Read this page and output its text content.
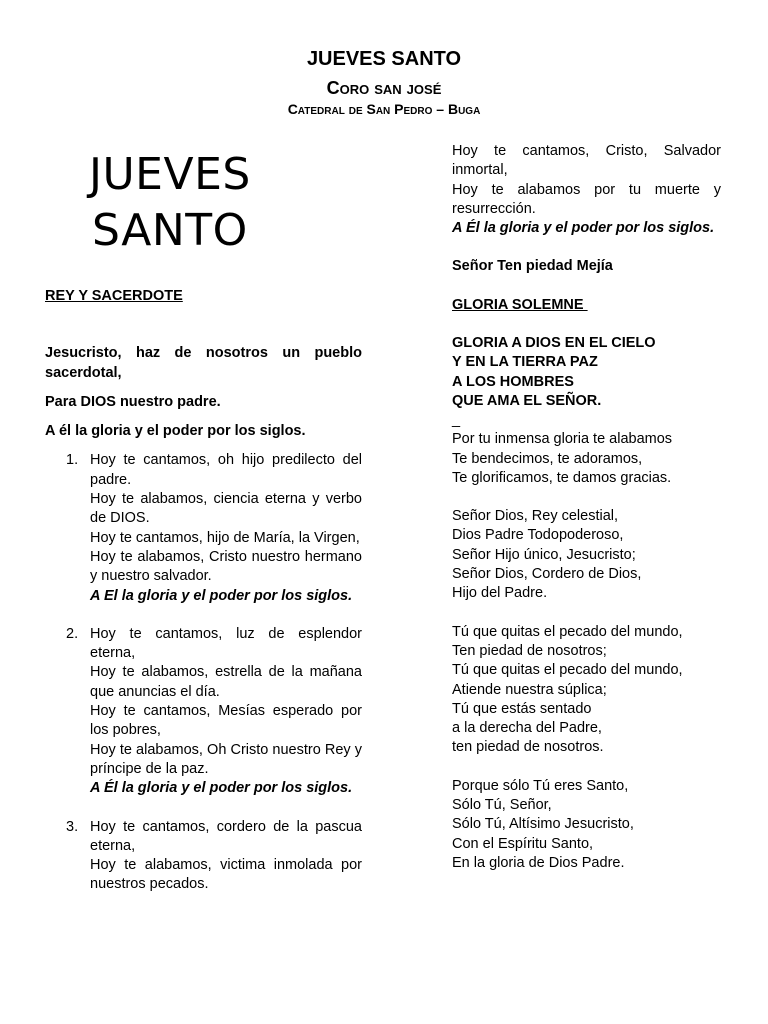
JUEVES SANTO
Coro san josé
Catedral de San Pedro – Buga
JUEVES
SANTO

REY Y SACERDOTE

Jesucristo, haz de nosotros un pueblo sacerdotal,

Para DIOS nuestro padre.

A él la gloria y el poder por los siglos.

1. Hoy te cantamos, oh hijo predilecto del padre.

Hoy te alabamos, ciencia eterna y verbo de DIOS.

Hoy te cantamos, hijo de María, la Virgen,

Hoy te alabamos, Cristo nuestro hermano y nuestro salvador.

A El la gloria y el poder por los siglos.

2. Hoy te cantamos, luz de esplendor eterna,

Hoy te alabamos, estrella de la mañana que anuncias el día.

Hoy te cantamos, Mesías esperado por los pobres,

Hoy te alabamos, Oh Cristo nuestro Rey y príncipe de la paz.

A Él la gloria y el poder por los siglos.

3. Hoy te cantamos, cordero de la pascua eterna,

Hoy te alabamos, victima inmolada por nuestros pecados.

Hoy te cantamos, Cristo, Salvador inmortal,

Hoy te alabamos por tu muerte y resurrección.

A Él la gloria y el poder por los siglos.

Señor Ten piedad Mejía

GLORIA SOLEMNE

GLORIA A DIOS EN EL CIELO

Y EN LA TIERRA PAZ

A LOS HOMBRES

QUE AMA EL SEÑOR.

_

Por tu inmensa gloria te alabamos

Te bendecimos, te adoramos,

Te glorificamos, te damos gracias.

Señor Dios, Rey celestial,

Dios Padre Todopoderoso,

Señor Hijo único, Jesucristo;

Señor Dios, Cordero de Dios,

Hijo del Padre.

Tú que quitas el pecado del mundo,

Ten piedad de nosotros;

Tú que quitas el pecado del mundo,

Atiende nuestra súplica;

Tú que estás sentado

a la derecha del Padre,

ten piedad de nosotros.

Porque sólo Tú eres Santo,

Sólo Tú, Señor,

Sólo Tú, Altísimo Jesucristo,

Con el Espíritu Santo,

En la gloria de Dios Padre.
